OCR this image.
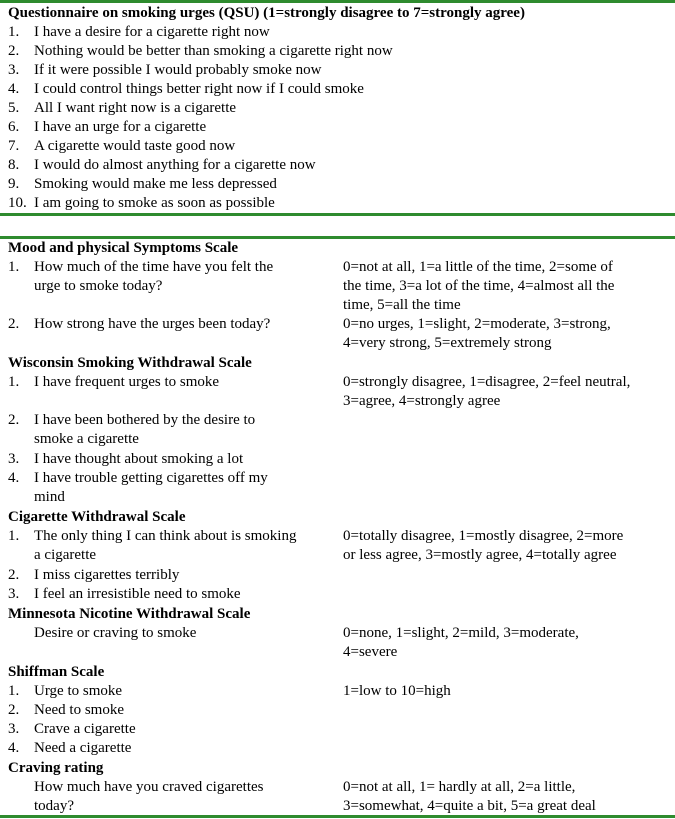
Questionnaire on smoking urges (QSU) (1=strongly disagree to 7=strongly agree)
1. I have a desire for a cigarette right now
2. Nothing would be better than smoking a cigarette right now
3. If it were possible I would probably smoke now
4. I could control things better right now if I could smoke
5. All I want right now is a cigarette
6. I have an urge for a cigarette
7. A cigarette would taste good now
8. I would do almost anything for a cigarette now
9. Smoking would make me less depressed
10. I am going to smoke as soon as possible
Mood and physical Symptoms Scale
1. How much of the time have you felt the	0=not at all, 1=a little of the time, 2=some of
urge to smoke today?	the time, 3=a lot of the time, 4=almost all the
time, 5=all the time
2. How strong have the urges been today?	0=no urges, 1=slight, 2=moderate, 3=strong,
4=very strong, 5=extremely strong
Wisconsin Smoking Withdrawal Scale
1. I have frequent urges to smoke	0=strongly disagree, 1=disagree, 2=feel neutral,
3=agree, 4=strongly agree
2. I have been bothered by the desire to
smoke a cigarette
3. I have thought about smoking a lot
4. I have trouble getting cigarettes off my
mind
Cigarette Withdrawal Scale
1. The only thing I can think about is smoking	0=totally disagree, 1=mostly disagree, 2=more
a cigarette	or less agree, 3=mostly agree, 4=totally agree
2. I miss cigarettes terribly
3. I feel an irresistible need to smoke
Minnesota Nicotine Withdrawal Scale
Desire or craving to smoke	0=none, 1=slight, 2=mild, 3=moderate,
4=severe
Shiffman Scale
1. Urge to smoke	1=low to 10=high
2. Need to smoke
3. Crave a cigarette
4. Need a cigarette
Craving rating
How much have you craved cigarettes	0=not at all, 1= hardly at all, 2=a little,
today?	3=somewhat, 4=quite a bit, 5=a great deal
